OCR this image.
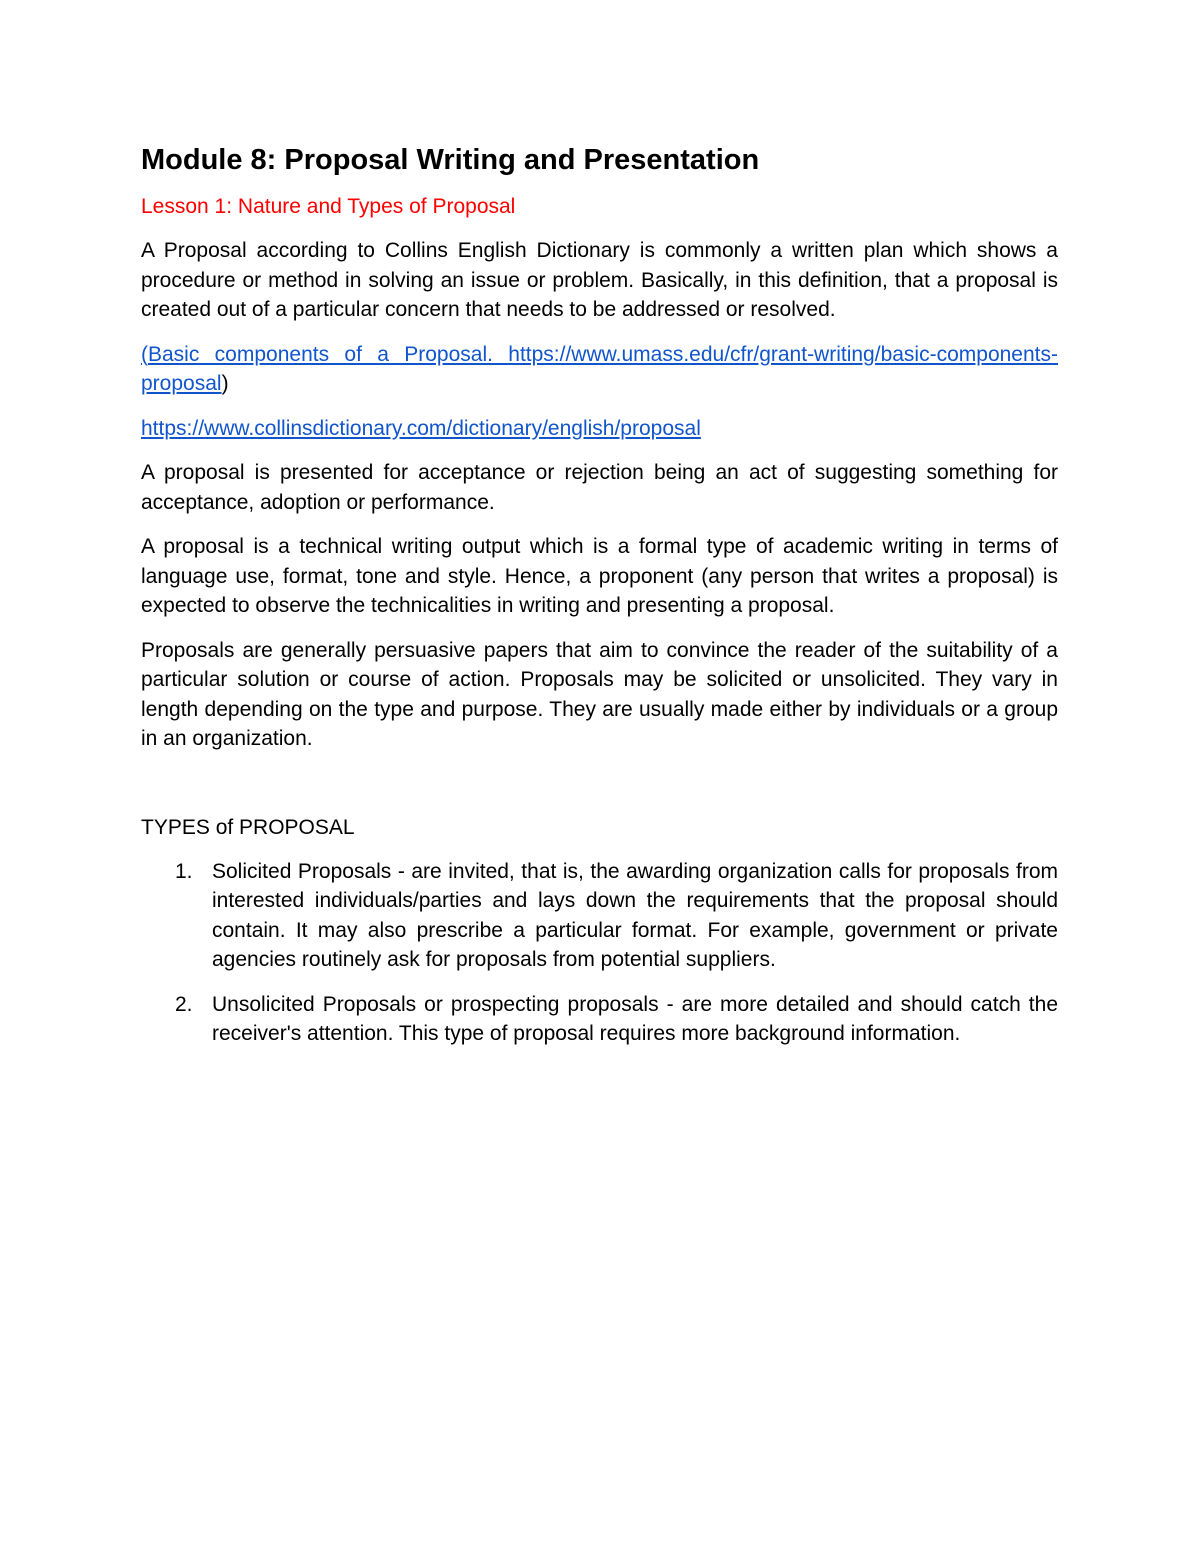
Module 8: Proposal Writing and Presentation
Lesson 1: Nature and Types of Proposal

A Proposal according to Collins English Dictionary is commonly a written plan which shows a procedure or method in solving an issue or problem. Basically, in this definition, that a proposal is created out of a particular concern that needs to be addressed or resolved.

(Basic components of a Proposal. https://www.umass.edu/cfr/grant-writing/basic-components-proposal)

https://www.collinsdictionary.com/dictionary/english/proposal

A proposal is presented for acceptance or rejection being an act of suggesting something for acceptance, adoption or performance.

A proposal is a technical writing output which is a formal type of academic writing in terms of language use, format, tone and style. Hence, a proponent (any person that writes a proposal) is expected to observe the technicalities in writing and presenting a proposal.

Proposals are generally persuasive papers that aim to convince the reader of the suitability of a particular solution or course of action. Proposals may be solicited or unsolicited. They vary in length depending on the type and purpose. They are usually made either by individuals or a group in an organization.

TYPES of PROPOSAL
1. Solicited Proposals - are invited, that is, the awarding organization calls for proposals from interested individuals/parties and lays down the requirements that the proposal should contain. It may also prescribe a particular format. For example, government or private agencies routinely ask for proposals from potential suppliers.
2. Unsolicited Proposals or prospecting proposals - are more detailed and should catch the receiver's attention. This type of proposal requires more background information.
